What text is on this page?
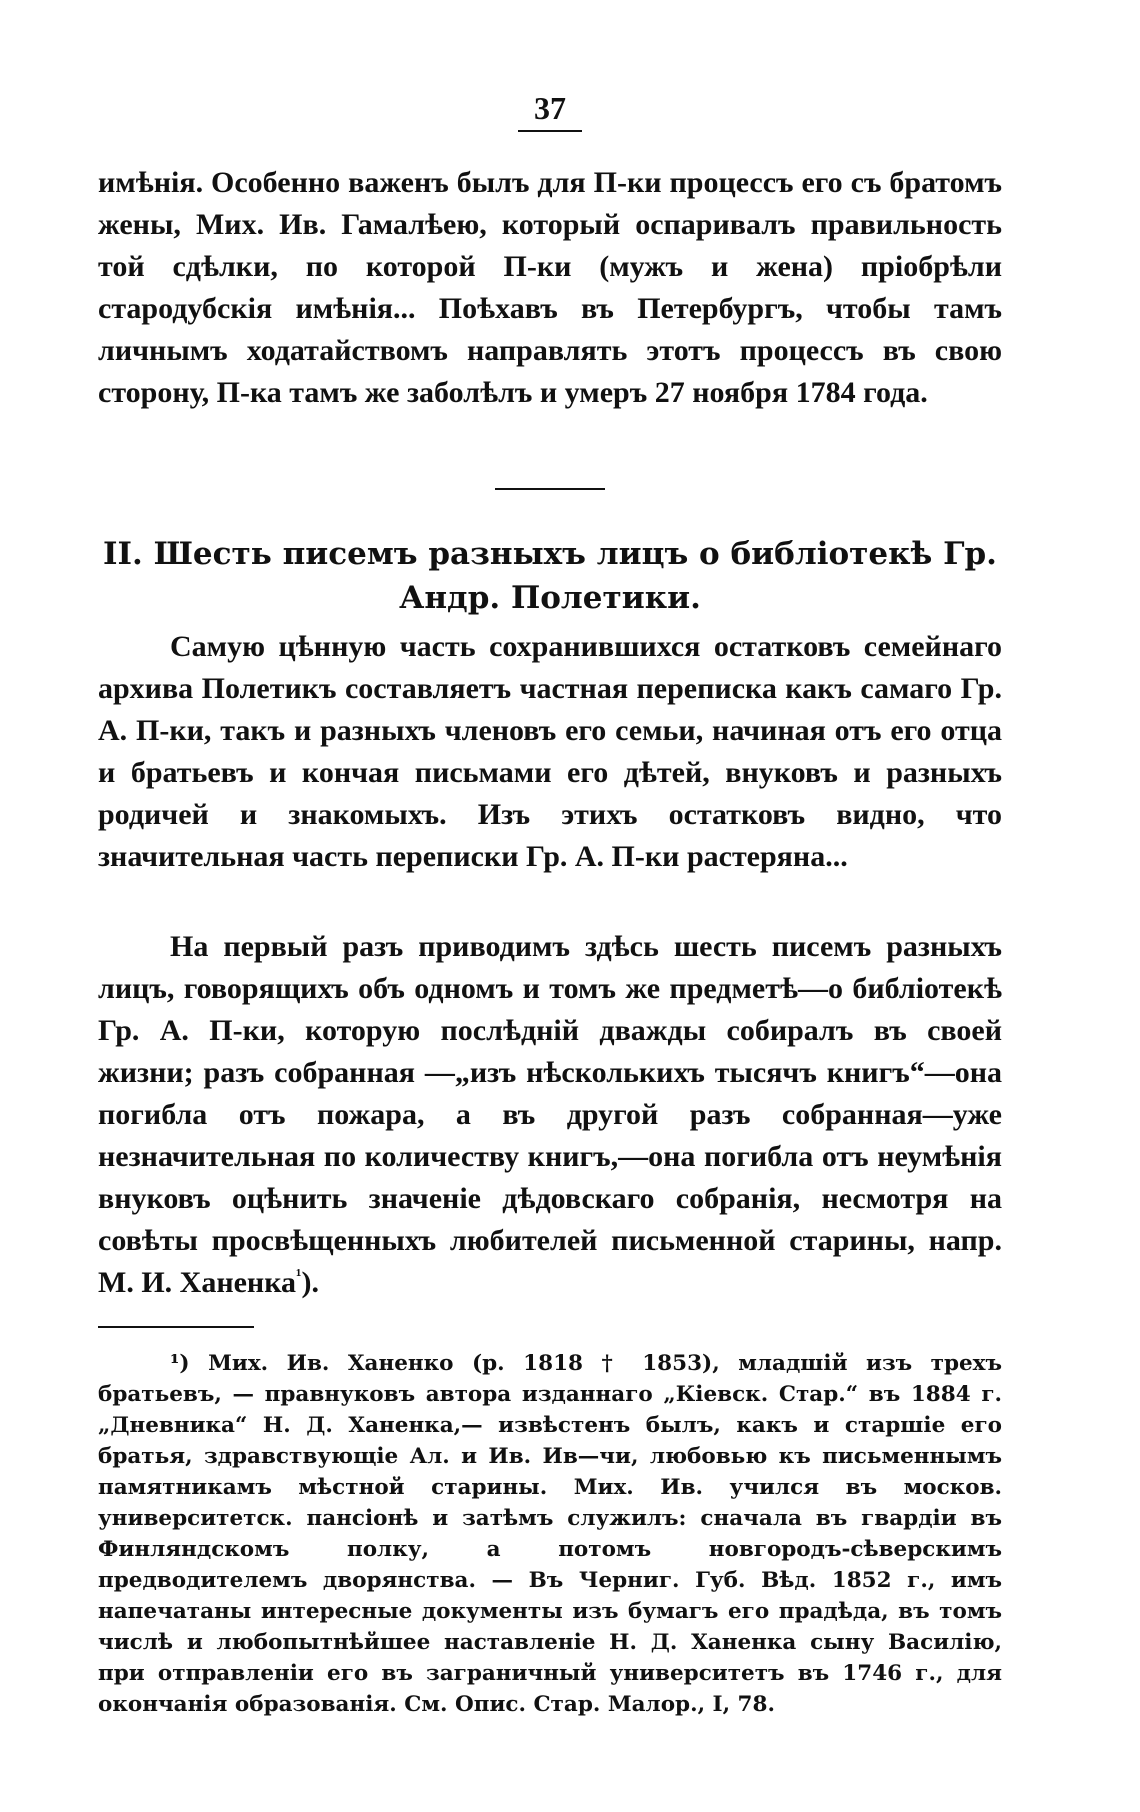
37

имѣнія. Особенно важенъ былъ для П-ки процессъ его съ братомъ жены, Мих. Ив. Гамалѣею, который оспаривалъ правильность той сдѣлки, по которой П-ки (мужъ и жена) пріобрѣли стародубскія имѣнія... Поѣхавъ въ Петербургъ, чтобы тамъ личнымъ ходатайствомъ направлять этотъ процессъ въ свою сторону, П-ка тамъ же заболѣлъ и умеръ 27 ноября 1784 года.

II. Шесть писемъ разныхъ лицъ о библіотекѣ Гр.
Андр. Полетики.

Самую цѣнную часть сохранившихся остатковъ семейнаго архива Полетикъ составляетъ частная переписка какъ самаго Гр. А. П-ки, такъ и разныхъ членовъ его семьи, начиная отъ его отца и братьевъ и кончая письмами его дѣтей, внуковъ и разныхъ родичей и знакомыхъ. Изъ этихъ остатковъ видно, что значительная часть переписки Гр. А. П-ки растеряна...

На первый разъ приводимъ здѣсь шесть писемъ разныхъ лицъ, говорящихъ объ одномъ и томъ же предметѣ—о библіотекѣ Гр. А. П-ки, которую послѣдній дважды собиралъ въ своей жизни; разъ собранная —„изъ нѣсколькихъ тысячъ книгъ“—она погибла отъ пожара, а въ другой разъ собранная—уже незначительная по количеству книгъ,—она погибла отъ неумѣнія внуковъ оцѣнить значеніе дѣдовскаго собранія, несмотря на совѣты просвѣщенныхъ любителей письменной старины, напр. М. И. Ханенка$^{^1}$).

¹) Мих. Ив. Ханенко (р. 1818 † 1853), младшій изъ трехъ братьевъ, — правнуковъ автора изданнаго „Кіевск. Стар.“ въ 1884 г. „Дневника“ Н. Д. Ханенка,— извѣстенъ былъ, какъ и старшіе его братья, здравствующіе Ал. и Ив. Ив—чи, любовью къ письменнымъ памятникамъ мѣстной старины. Мих. Ив. учился въ москов. университетск. пансіонѣ и затѣмъ служилъ: сначала въ гвардіи въ Финляндскомъ полку, а потомъ новгородъ-сѣверскимъ предводителемъ дворянства. — Въ Черниг. Губ. Вѣд. 1852 г., имъ напечатаны интересные документы изъ бумагъ его прадѣда, въ томъ числѣ и любопытнѣйшее наставленіе Н. Д. Ханенка сыну Василію, при отправленіи его въ заграничный университетъ въ 1746 г., для окончанія образованія. См. Опис. Стар. Малор., I, 78.
